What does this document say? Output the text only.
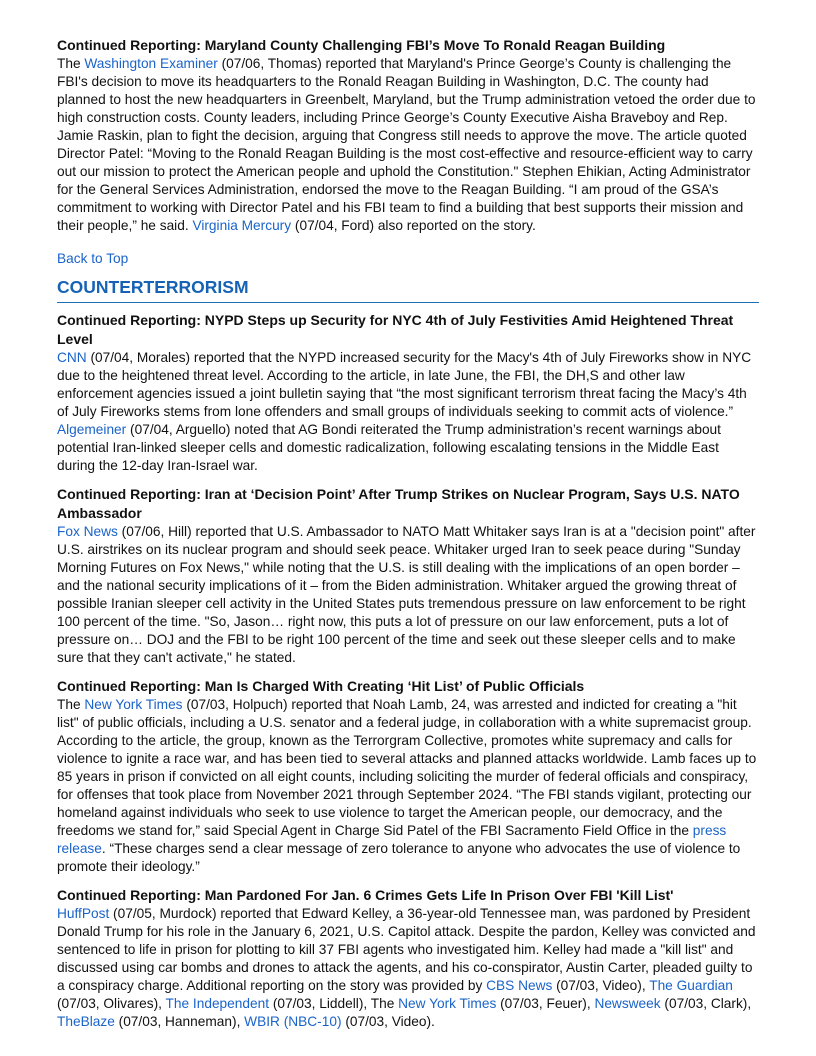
Continued Reporting: Maryland County Challenging FBI’s Move To Ronald Reagan Building
The Washington Examiner (07/06, Thomas) reported that Maryland's Prince George’s County is challenging the FBI's decision to move its headquarters to the Ronald Reagan Building in Washington, D.C. The county had planned to host the new headquarters in Greenbelt, Maryland, but the Trump administration vetoed the order due to high construction costs. County leaders, including Prince George’s County Executive Aisha Braveboy and Rep. Jamie Raskin, plan to fight the decision, arguing that Congress still needs to approve the move. The article quoted Director Patel: “Moving to the Ronald Reagan Building is the most cost-effective and resource-efficient way to carry out our mission to protect the American people and uphold the Constitution." Stephen Ehikian, Acting Administrator for the General Services Administration, endorsed the move to the Reagan Building. “I am proud of the GSA’s commitment to working with Director Patel and his FBI team to find a building that best supports their mission and their people,” he said. Virginia Mercury (07/04, Ford) also reported on the story.
Back to Top
COUNTERTERRORISM
Continued Reporting: NYPD Steps up Security for NYC 4th of July Festivities Amid Heightened Threat Level
CNN (07/04, Morales) reported that the NYPD increased security for the Macy's 4th of July Fireworks show in NYC due to the heightened threat level. According to the article, in late June, the FBI, the DH,S and other law enforcement agencies issued a joint bulletin saying that “the most significant terrorism threat facing the Macy’s 4th of July Fireworks stems from lone offenders and small groups of individuals seeking to commit acts of violence.” Algemeiner (07/04, Arguello) noted that AG Bondi reiterated the Trump administration’s recent warnings about potential Iran-linked sleeper cells and domestic radicalization, following escalating tensions in the Middle East during the 12-day Iran-Israel war.
Continued Reporting: Iran at ‘Decision Point’ After Trump Strikes on Nuclear Program, Says U.S. NATO Ambassador
Fox News (07/06, Hill) reported that U.S. Ambassador to NATO Matt Whitaker says Iran is at a "decision point" after U.S. airstrikes on its nuclear program and should seek peace. Whitaker urged Iran to seek peace during "Sunday Morning Futures on Fox News," while noting that the U.S. is still dealing with the implications of an open border – and the national security implications of it – from the Biden administration. Whitaker argued the growing threat of possible Iranian sleeper cell activity in the United States puts tremendous pressure on law enforcement to be right 100 percent of the time. "So, Jason… right now, this puts a lot of pressure on our law enforcement, puts a lot of pressure on… DOJ and the FBI to be right 100 percent of the time and seek out these sleeper cells and to make sure that they can't activate," he stated.
Continued Reporting: Man Is Charged With Creating ‘Hit List’ of Public Officials
The New York Times (07/03, Holpuch) reported that Noah Lamb, 24, was arrested and indicted for creating a "hit list" of public officials, including a U.S. senator and a federal judge, in collaboration with a white supremacist group. According to the article, the group, known as the Terrorgram Collective, promotes white supremacy and calls for violence to ignite a race war, and has been tied to several attacks and planned attacks worldwide. Lamb faces up to 85 years in prison if convicted on all eight counts, including soliciting the murder of federal officials and conspiracy, for offenses that took place from November 2021 through September 2024. “The FBI stands vigilant, protecting our homeland against individuals who seek to use violence to target the American people, our democracy, and the freedoms we stand for,” said Special Agent in Charge Sid Patel of the FBI Sacramento Field Office in the press release. “These charges send a clear message of zero tolerance to anyone who advocates the use of violence to promote their ideology.”
Continued Reporting: Man Pardoned For Jan. 6 Crimes Gets Life In Prison Over FBI 'Kill List'
HuffPost (07/05, Murdock) reported that Edward Kelley, a 36-year-old Tennessee man, was pardoned by President Donald Trump for his role in the January 6, 2021, U.S. Capitol attack. Despite the pardon, Kelley was convicted and sentenced to life in prison for plotting to kill 37 FBI agents who investigated him. Kelley had made a "kill list" and discussed using car bombs and drones to attack the agents, and his co-conspirator, Austin Carter, pleaded guilty to a conspiracy charge. Additional reporting on the story was provided by CBS News (07/03, Video), The Guardian (07/03, Olivares), The Independent (07/03, Liddell), The New York Times (07/03, Feuer), Newsweek (07/03, Clark), TheBlaze (07/03, Hanneman), WBIR (NBC-10) (07/03, Video).
